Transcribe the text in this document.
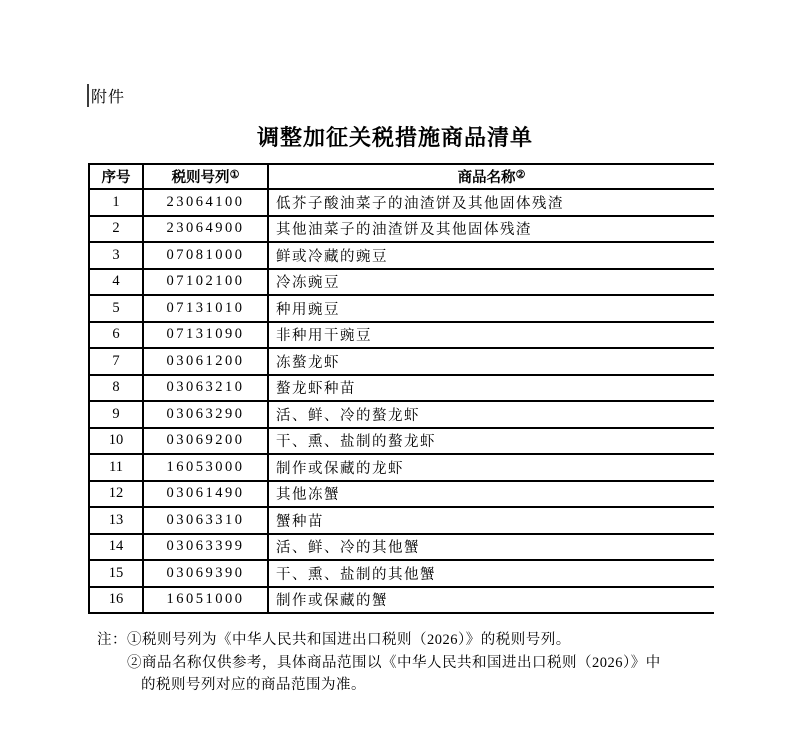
附件
调整加征关税措施商品清单
序号	税则号列①	商品名称②
1	23064100	低芥子酸油菜子的油渣饼及其他固体残渣
2	23064900	其他油菜子的油渣饼及其他固体残渣
3	07081000	鲜或冷藏的豌豆
4	07102100	冷冻豌豆
5	07131010	种用豌豆
6	07131090	非种用干豌豆
7	03061200	冻螯龙虾
8	03063210	螯龙虾种苗
9	03063290	活、鲜、冷的螯龙虾
10	03069200	干、熏、盐制的螯龙虾
11	16053000	制作或保藏的龙虾
12	03061490	其他冻蟹
13	03063310	蟹种苗
14	03063399	活、鲜、冷的其他蟹
15	03069390	干、熏、盐制的其他蟹
16	16051000	制作或保藏的蟹
注： ①税则号列为《中华人民共和国进出口税则（2026）》的税则号列。
②商品名称仅供参考，具体商品范围以《中华人民共和国进出口税则（2026）》中
的税则号列对应的商品范围为准。
